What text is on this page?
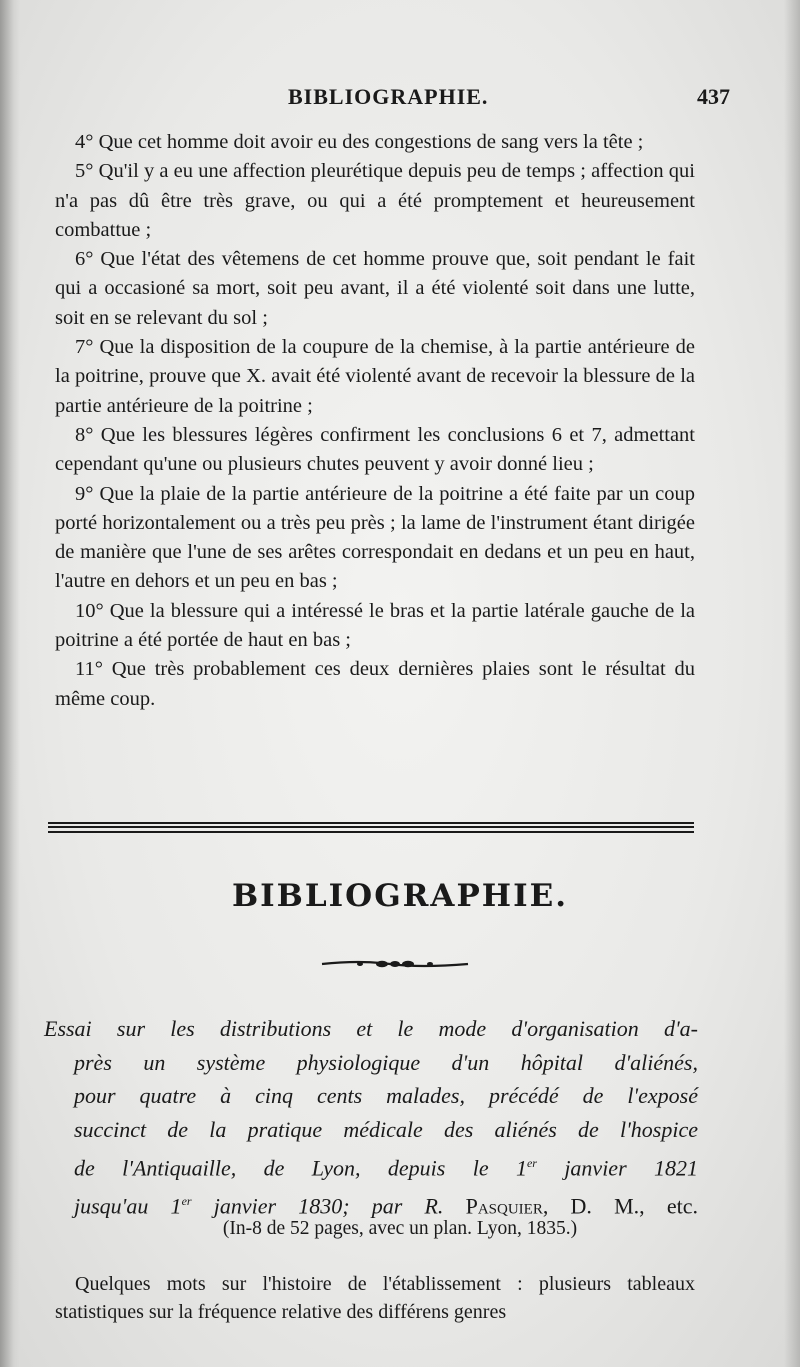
BIBLIOGRAPHIE.	437

4° Que cet homme doit avoir eu des congestions de sang vers la tête ;

5° Qu'il y a eu une affection pleurétique depuis peu de temps ; affection qui n'a pas dû être très grave, ou qui a été promptement et heureusement combattue ;

6° Que l'état des vêtemens de cet homme prouve que, soit pendant le fait qui a occasioné sa mort, soit peu avant, il a été violenté soit dans une lutte, soit en se relevant du sol ;

7° Que la disposition de la coupure de la chemise, à la partie antérieure de la poitrine, prouve que X. avait été violenté avant de recevoir la blessure de la partie antérieure de la poitrine ;

8° Que les blessures légères confirment les conclusions 6 et 7, admettant cependant qu'une ou plusieurs chutes peuvent y avoir donné lieu ;

9° Que la plaie de la partie antérieure de la poitrine a été faite par un coup porté horizontalement ou a très peu près ; la lame de l'instrument étant dirigée de manière que l'une de ses arêtes correspondait en dedans et un peu en haut, l'autre en dehors et un peu en bas ;

10° Que la blessure qui a intéressé le bras et la partie latérale gauche de la poitrine a été portée de haut en bas ;

11° Que très probablement ces deux dernières plaies sont le résultat du même coup.

BIBLIOGRAPHIE.
Essai sur les distributions et le mode d'organisation d'a-
près un système physiologique d'un hôpital d'aliénés,
pour quatre à cinq cents malades, précédé de l'exposé
succinct de la pratique médicale des aliénés de l'hospice
de l'Antiquaille, de Lyon, depuis le 1er janvier 1821
jusqu'au 1er janvier 1830; par R. Pasquier, D. M., etc.
(In-8 de 52 pages, avec un plan. Lyon, 1835.)

Quelques mots sur l'histoire de l'établissement : plusieurs tableaux statistiques sur la fréquence relative des différens genres
